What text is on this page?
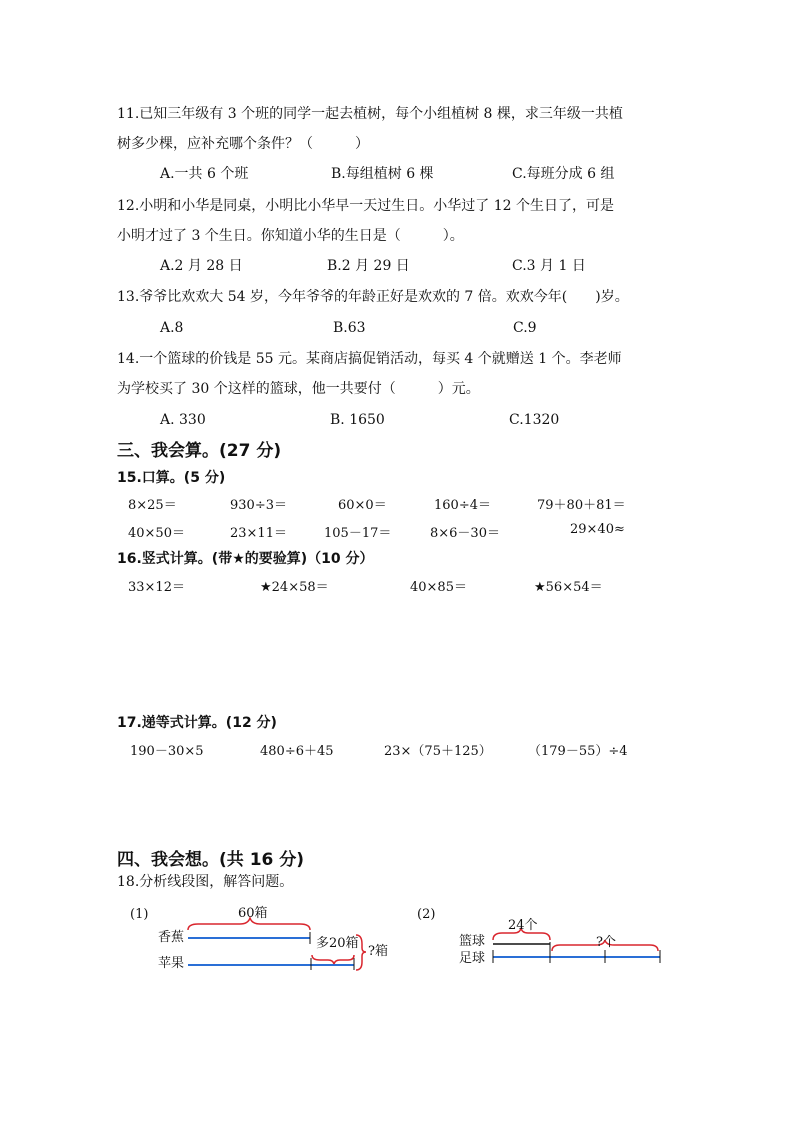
11.已知三年级有 3 个班的同学一起去植树，每个小组植树 8 棵，求三年级一共植
树多少棵，应补充哪个条件？（　　　）
A.一共 6 个班	B.每组植树 6 棵	C.每班分成 6 组
12.小明和小华是同桌，小明比小华早一天过生日。小华过了 12 个生日了，可是
小明才过了 3 个生日。你知道小华的生日是（　　　）。
A.2 月 28 日	B.2 月 29 日	C.3 月 1 日
13.爷爷比欢欢大 54 岁，今年爷爷的年龄正好是欢欢的 7 倍。欢欢今年(　　)岁。
A.8	B.63	C.9
14.一个篮球的价钱是 55 元。某商店搞促销活动，每买 4 个就赠送 1 个。李老师
为学校买了 30 个这样的篮球，他一共要付（　　　）元。
A. 330	B. 1650	C.1320
三、我会算。(27 分)
15.口算。(5 分)
8×25＝	930÷3＝	60×0＝	160÷4＝	79＋80＋81＝
40×50＝	23×11＝	105－17＝	8×6－30＝	29×40≈
16.竖式计算。(带★的要验算)（10 分）
33×12＝	★24×58＝	40×85＝	★56×54＝
17.递等式计算。(12 分)
190－30×5	480÷6＋45	23×（75＋125）	（179－55）÷4
四、我会想。(共 16 分)
18.分析线段图，解答问题。
(1)	60箱
香蕉
苹果
多20箱
?箱
(2)
24个
篮球
足球
?个
